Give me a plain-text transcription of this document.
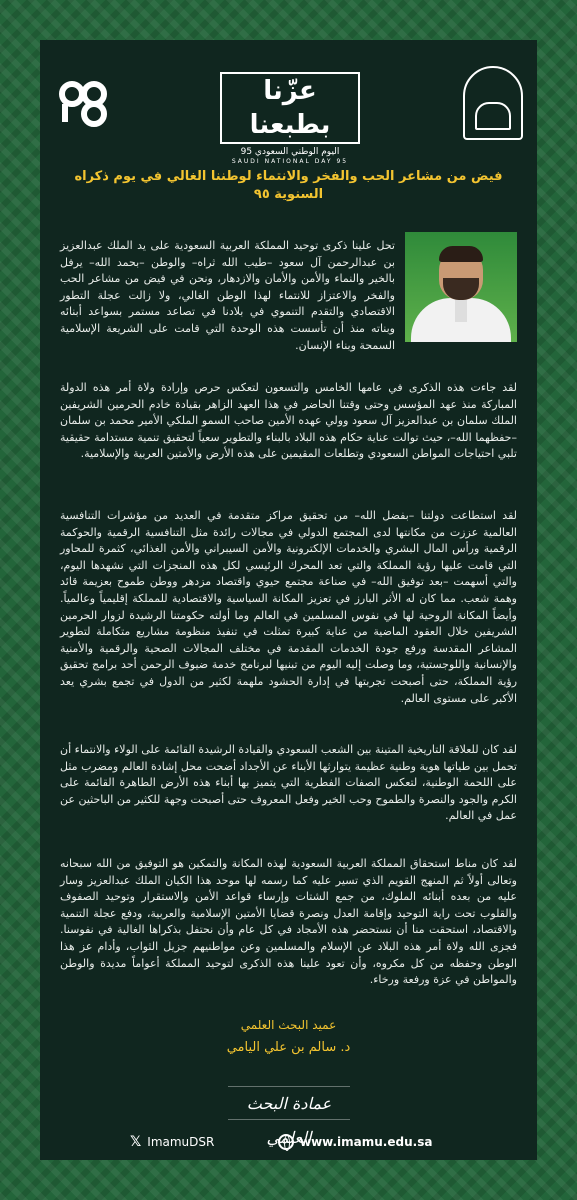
عزّنا بطبعنا
اليوم الوطني السعودي 95
SAUDI NATIONAL DAY 95
فيض من مشاعر الحب والفخر والانتماء لوطننا الغالي في يوم ذكراه السنوية ٩٥

تحل علينا ذكرى توحيد المملكة العربية السعودية على يد الملك عبدالعزيز بن عبدالرحمن آل سعود –طيب الله ثراه– والوطن –بحمد الله– يرفل بالخير والنماء والأمن والأمان والازدهار، ونحن في فيض من مشاعر الحب والفخر والاعتزاز للانتماء لهذا الوطن الغالي، ولا زالت عجلة التطور الاقتصادي والتقدم التنموي في بلادنا في تصاعد مستمر بسواعد أبنائه وبناته منذ أن تأسست هذه الوحدة التي قامت على الشريعة الإسلامية السمحة وبناء الإنسان.

لقد جاءت هذه الذكرى في عامها الخامس والتسعون لتعكس حرص وإرادة ولاة أمر هذه الدولة المباركة منذ عهد المؤسس وحتى وقتنا الحاضر في هذا العهد الزاهر بقيادة خادم الحرمين الشريفين الملك سلمان بن عبدالعزيز آل سعود وولي عهده الأمين صاحب السمو الملكي الأمير محمد بن سلمان –حفظهما الله–، حيث توالت عناية حكام هذه البلاد بالبناء والتطوير سعياً لتحقيق تنمية مستدامة حقيقية تلبي احتياجات المواطن السعودي وتطلعات المقيمين على هذه الأرض والأمتين العربية والإسلامية.

لقد استطاعت دولتنا –بفضل الله– من تحقيق مراكز متقدمة في العديد من مؤشرات التنافسية العالمية عززت من مكانتها لدى المجتمع الدولي في مجالات رائدة مثل التنافسية الرقمية والحوكمة الرقمية ورأس المال البشري والخدمات الإلكترونية والأمن السيبراني والأمن الغذائي، كثمرة للمحاور التي قامت عليها رؤية المملكة والتي تعد المحرك الرئيسي لكل هذه المنجزات التي نشهدها اليوم، والتي أسهمت –بعد توفيق الله– في صناعة مجتمع حيوي واقتصاد مزدهر ووطن طموح بعزيمة قائد وهمة شعب. مما كان له الأثر البارز في تعزيز المكانة السياسية والاقتصادية للمملكة إقليمياً وعالمياً. وأيضاً المكانة الروحية لها في نفوس المسلمين في العالم وما أولته حكومتنا الرشيدة لزوار الحرمين الشريفين خلال العقود الماضية من عناية كبيرة تمثلت في تنفيذ منظومة مشاريع متكاملة لتطوير المشاعر المقدسة ورفع جودة الخدمات المقدمة في مختلف المجالات الصحية والرقمية والأمنية والإنسانية واللوجستية، وما وصلت إليه اليوم من تبنيها لبرنامج خدمة ضيوف الرحمن أحد برامج تحقيق رؤية المملكة، حتى أصبحت تجربتها في إدارة الحشود ملهمة لكثير من الدول في تجمع بشري يعد الأكبر على مستوى العالم.

لقد كان للعلاقة التاريخية المتينة بين الشعب السعودي والقيادة الرشيدة القائمة على الولاء والانتماء أن تحمل بين طياتها هوية وطنية عظيمة يتوارثها الأبناء عن الأجداد أضحت محل إشادة العالم ومضرب مثل على اللحمة الوطنية، لتعكس الصفات الفطرية التي يتميز بها أبناء هذه الأرض الطاهرة القائمة على الكرم والجود والنصرة والطموح وحب الخير وفعل المعروف حتى أصبحت وجهة للكثير من الباحثين عن عمل في العالم.

لقد كان مناط استحقاق المملكة العربية السعودية لهذه المكانة والتمكين هو التوفيق من الله سبحانه وتعالى أولاً ثم المنهج القويم الذي تسير عليه كما رسمه لها موحد هذا الكيان الملك عبدالعزيز وسار عليه من بعده أبنائه الملوك، من جمع الشتات وإرساء قواعد الأمن والاستقرار وتوحيد الصفوف والقلوب تحت راية التوحيد وإقامة العدل ونصرة قضايا الأمتين الإسلامية والعربية، ودفع عجلة التنمية والاقتصاد، استحقت منا أن نستحضر هذه الأمجاد في كل عام وأن نحتفل بذكراها الغالية في نفوسنا. فجزى الله ولاة أمر هذه البلاد عن الإسلام والمسلمين وعن مواطنيهم جزيل الثواب، وأدام عز هذا الوطن وحفظه من كل مكروه، وأن تعود علينا هذه الذكرى لتوحيد المملكة أعواماً مديدة والوطن والمواطن في عزة ورفعة ورخاء.

عميد البحث العلمي
د. سالم بن علي اليامي
عمادة البحث العلمي
𝕏 ImamuDSR	www.imamu.edu.sa
